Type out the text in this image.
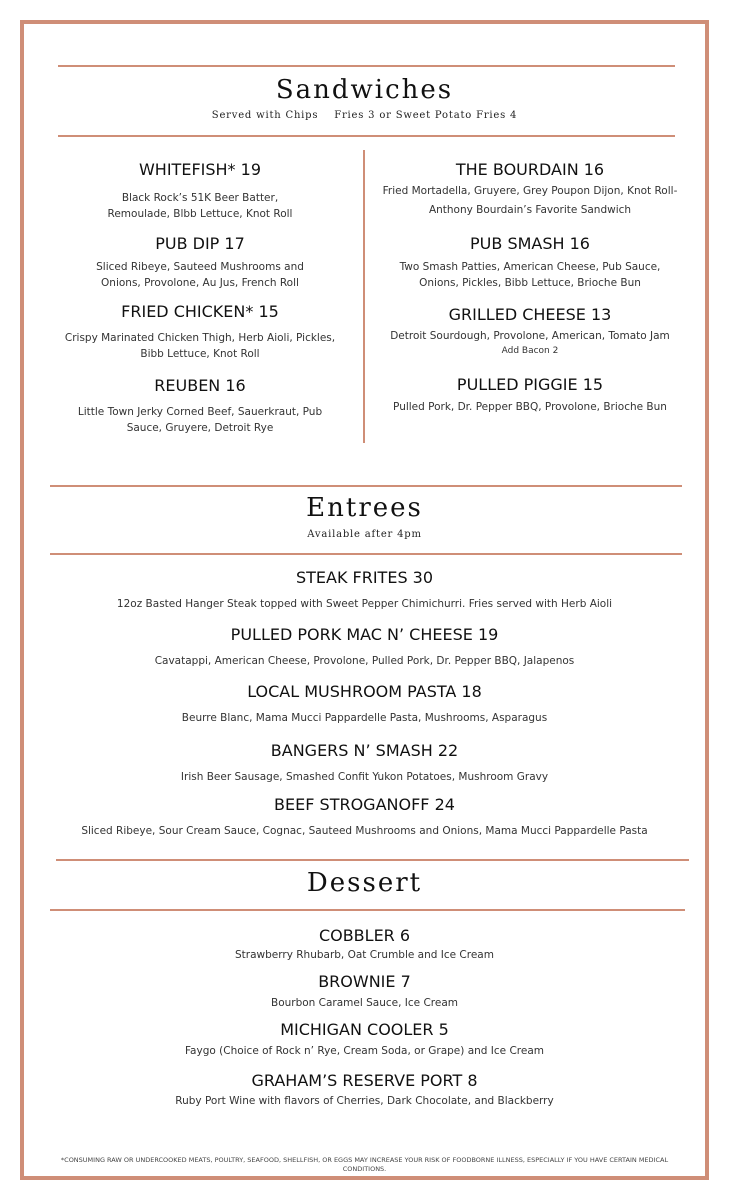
Sandwiches
Served with Chips    Fries 3 or Sweet Potato Fries 4
WHITEFISH* 19
Black Rock’s 51K Beer Batter, Remoulade, Blbb Lettuce, Knot Roll
PUB DIP 17
Sliced Ribeye, Sauteed Mushrooms and Onions, Provolone, Au Jus, French Roll
FRIED CHICKEN* 15
Crispy Marinated Chicken Thigh, Herb Aioli, Pickles, Bibb Lettuce, Knot Roll
REUBEN 16
Little Town Jerky Corned Beef, Sauerkraut, Pub Sauce, Gruyere, Detroit Rye
THE BOURDAIN 16
Fried Mortadella, Gruyere, Grey Poupon Dijon, Knot Roll- Anthony Bourdain’s Favorite Sandwich
PUB SMASH 16
Two Smash Patties, American Cheese, Pub Sauce, Onions, Pickles, Bibb Lettuce, Brioche Bun
GRILLED CHEESE 13
Detroit Sourdough, Provolone, American, Tomato Jam
Add Bacon 2
PULLED PIGGIE 15
Pulled Pork, Dr. Pepper BBQ, Provolone, Brioche Bun
Entrees
Available after 4pm
STEAK FRITES 30
12oz Basted Hanger Steak topped with Sweet Pepper Chimichurri. Fries served with Herb Aioli
PULLED PORK MAC N’ CHEESE 19
Cavatappi, American Cheese, Provolone, Pulled Pork, Dr. Pepper BBQ, Jalapenos
LOCAL MUSHROOM PASTA 18
Beurre Blanc, Mama Mucci Pappardelle Pasta, Mushrooms, Asparagus
BANGERS N’ SMASH 22
Irish Beer Sausage, Smashed Confit Yukon Potatoes, Mushroom Gravy
BEEF STROGANOFF 24
Sliced Ribeye, Sour Cream Sauce, Cognac, Sauteed Mushrooms and Onions, Mama Mucci Pappardelle Pasta
Dessert
COBBLER 6
Strawberry Rhubarb, Oat Crumble and Ice Cream
BROWNIE 7
Bourbon Caramel Sauce, Ice Cream
MICHIGAN COOLER 5
Faygo (Choice of Rock n’ Rye, Cream Soda, or Grape) and Ice Cream
GRAHAM’S RESERVE PORT 8
Ruby Port Wine with flavors of Cherries, Dark Chocolate, and Blackberry
*CONSUMING RAW OR UNDERCOOKED MEATS, POULTRY, SEAFOOD, SHELLFISH, OR EGGS MAY INCREASE YOUR RISK OF FOODBORNE ILLNESS, ESPECIALLY IF YOU HAVE CERTAIN MEDICAL CONDITIONS.
